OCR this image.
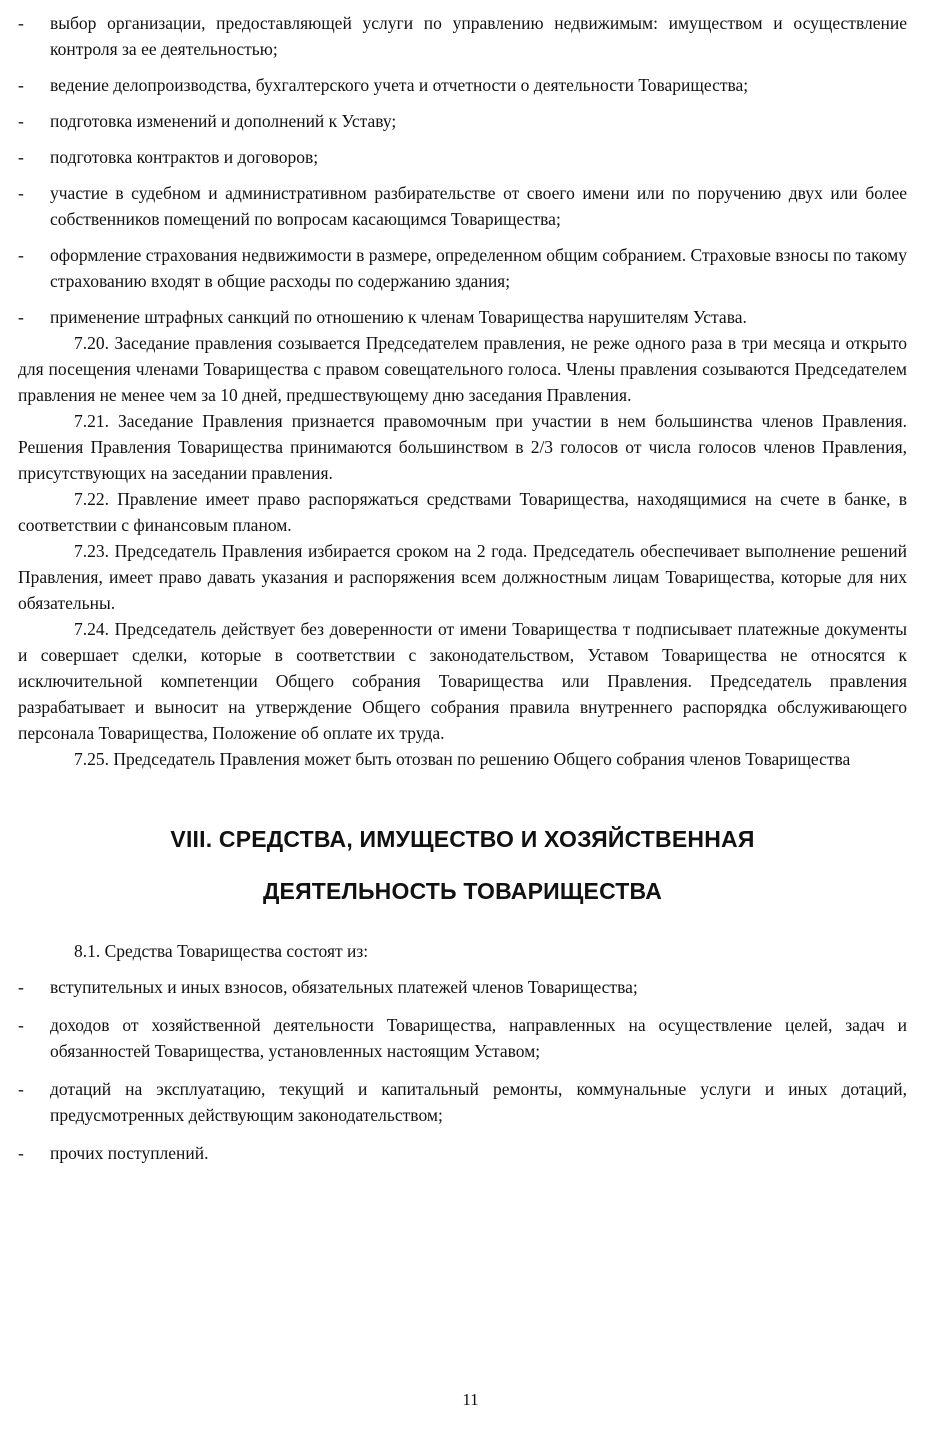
-	выбор организации, предоставляющей услуги по управлению недвижимым: имуществом и осуществление контроля за ее деятельностью;
-	ведение делопроизводства, бухгалтерского учета и отчетности о деятельности Товарищества;
-	подготовка изменений и дополнений к Уставу;
-	подготовка контрактов и договоров;
-	участие в судебном и административном разбирательстве от своего имени или по поручению двух или более собственников помещений по вопросам касающимся Товарищества;
-	оформление страхования недвижимости в размере, определенном общим собранием. Страховые взносы по такому страхованию входят в общие расходы по содержанию здания;
-	применение штрафных санкций по отношению к членам Товарищества нарушителям Устава.

7.20. Заседание правления созывается Председателем правления, не реже одного раза в три месяца и открыто для посещения членами Товарищества с правом совещательного голоса. Члены правления созываются Председателем правления не менее чем за 10 дней, предшествующему дню заседания Правления.

7.21. Заседание Правления признается правомочным при участии в нем большинства членов Правления. Решения Правления Товарищества принимаются большинством в 2/3 голосов от числа голосов членов Правления, присутствующих на заседании правления.

7.22. Правление имеет право распоряжаться средствами Товарищества, находящимися на счете в банке, в соответствии с финансовым планом.

7.23. Председатель Правления избирается сроком на 2 года. Председатель обеспечивает выполнение решений Правления, имеет право давать указания и распоряжения всем должностным лицам Товарищества, которые для них обязательны.

7.24. Председатель действует без доверенности от имени Товарищества т подписывает платежные документы и совершает сделки, которые в соответствии с законодательством, Уставом Товарищества не относятся к исключительной компетенции Общего собрания Товарищества или Правления. Председатель правления разрабатывает и выносит на утверждение Общего собрания правила внутреннего распорядка обслуживающего персонала Товарищества, Положение об оплате их труда.

7.25. Председатель Правления может быть отозван по решению Общего собрания членов Товарищества

VIII. СРЕДСТВА, ИМУЩЕСТВО И ХОЗЯЙСТВЕННАЯ
ДЕЯТЕЛЬНОСТЬ ТОВАРИЩЕСТВА

8.1. Средства Товарищества состоят из:

-	вступительных и иных взносов, обязательных платежей членов Товарищества;
-	доходов от хозяйственной деятельности Товарищества, направленных на осуществление целей, задач и обязанностей Товарищества, установленных настоящим Уставом;
-	дотаций на эксплуатацию, текущий и капитальный ремонты, коммунальные услуги и иных дотаций, предусмотренных действующим законодательством;
-	прочих поступлений.
11
